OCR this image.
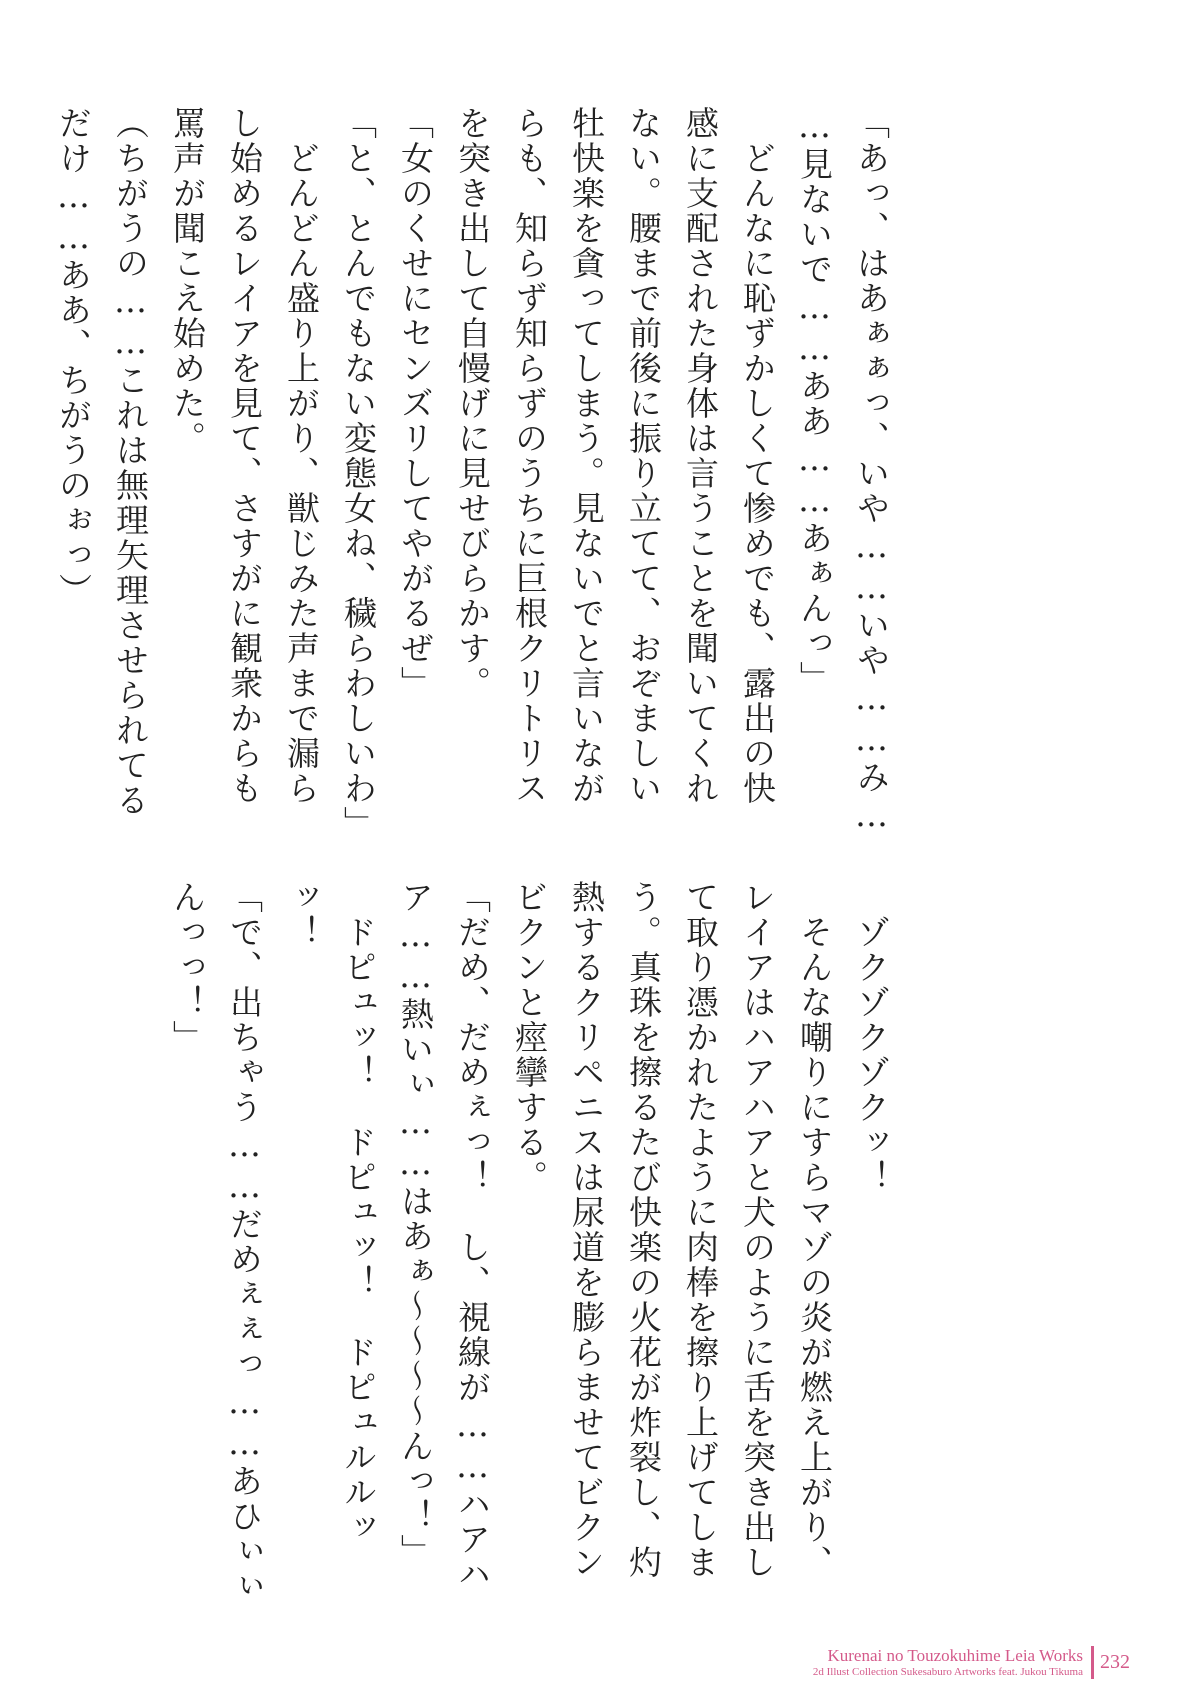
「あっ、はあぁぁっ、いや……いや……み…
…見ないで……ああ……あぁんっ」
　どんなに恥ずかしくて惨めでも、露出の快
感に支配された身体は言うことを聞いてくれ
ない。腰まで前後に振り立てて、おぞましい
牡快楽を貪ってしまう。見ないでと言いなが
らも、知らず知らずのうちに巨根クリトリス
を突き出して自慢げに見せびらかす。
「女のくせにセンズリしてやがるぜ」
「と、とんでもない変態女ね、穢らわしいわ」
　どんどん盛り上がり、獣じみた声まで漏ら
し始めるレイアを見て、さすがに観衆からも
罵声が聞こえ始めた。
（ちがうの……これは無理矢理させられてる
だけ……ああ、ちがうのぉっ）
　ゾクゾクゾクッ！
　そんな嘲りにすらマゾの炎が燃え上がり、
レイアはハアハアと犬のように舌を突き出し
て取り憑かれたように肉棒を擦り上げてしま
う。真珠を擦るたび快楽の火花が炸裂し、灼
熱するクリペニスは尿道を膨らませてビクン
ビクンと痙攣する。
「だめ、だめぇっ！　し、視線が……ハアハ
ア……熱いぃ……はあぁ〜〜〜〜んっ！」
　ドピュッ！　ドピュッ！　ドピュルルッ
ッ！
「で、出ちゃう……だめぇぇっ……あひぃぃ
んっっ！」
Kurenai no Touzokuhime Leia Works
2d Illust Collection Sukesaburo Artworks feat. Jukou Tikuma 232
